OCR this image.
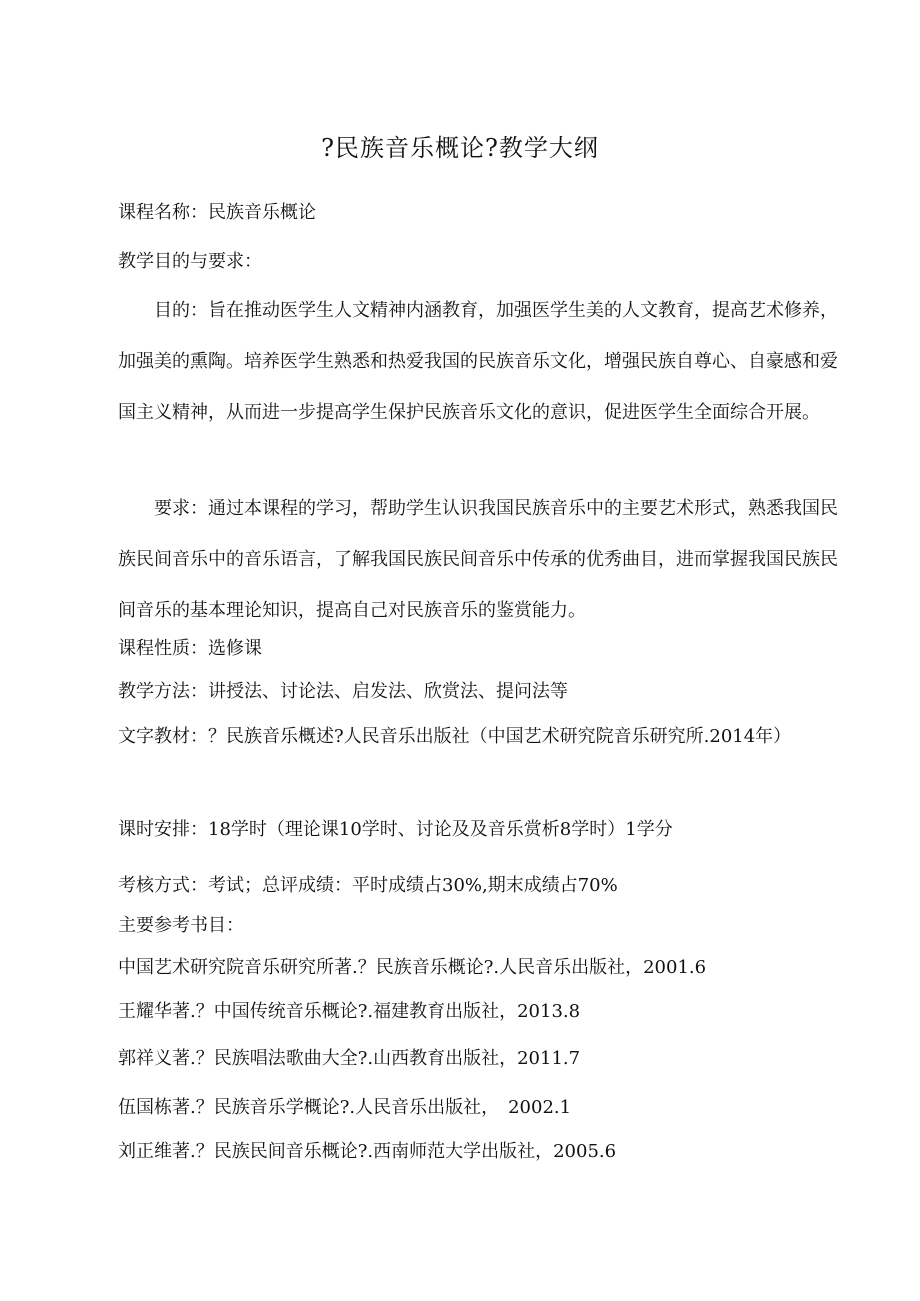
?民族音乐概论?教学大纲
课程名称：民族音乐概论
教学目的与要求：
目的：旨在推动医学生人文精神内涵教育，加强医学生美的人文教育，提高艺术修养，加强美的熏陶。培养医学生熟悉和热爱我国的民族音乐文化，增强民族自尊心、自豪感和爱国主义精神，从而进一步提高学生保护民族音乐文化的意识，促进医学生全面综合开展。
要求：通过本课程的学习，帮助学生认识我国民族音乐中的主要艺术形式，熟悉我国民族民间音乐中的音乐语言，了解我国民族民间音乐中传承的优秀曲目，进而掌握我国民族民间音乐的基本理论知识，提高自己对民族音乐的鉴赏能力。
课程性质：选修课
教学方法：讲授法、讨论法、启发法、欣赏法、提问法等
文字教材：？民族音乐概述?人民音乐出版社（中国艺术研究院音乐研究所.2014年）
课时安排：18学时（理论课10学时、讨论及及音乐赏析8学时）1学分
考核方式：考试；总评成绩：平时成绩占30%,期末成绩占70%
主要参考书目：
中国艺术研究院音乐研究所著.？民族音乐概论?.人民音乐出版社，2001.6
王耀华著.？中国传统音乐概论?.福建教育出版社，2013.8
郭祥义著.？民族唱法歌曲大全?.山西教育出版社，2011.7
伍国栋著.？民族音乐学概论?.人民音乐出版社，　2002.1
刘正维著.？民族民间音乐概论?.西南师范大学出版社，2005.6
